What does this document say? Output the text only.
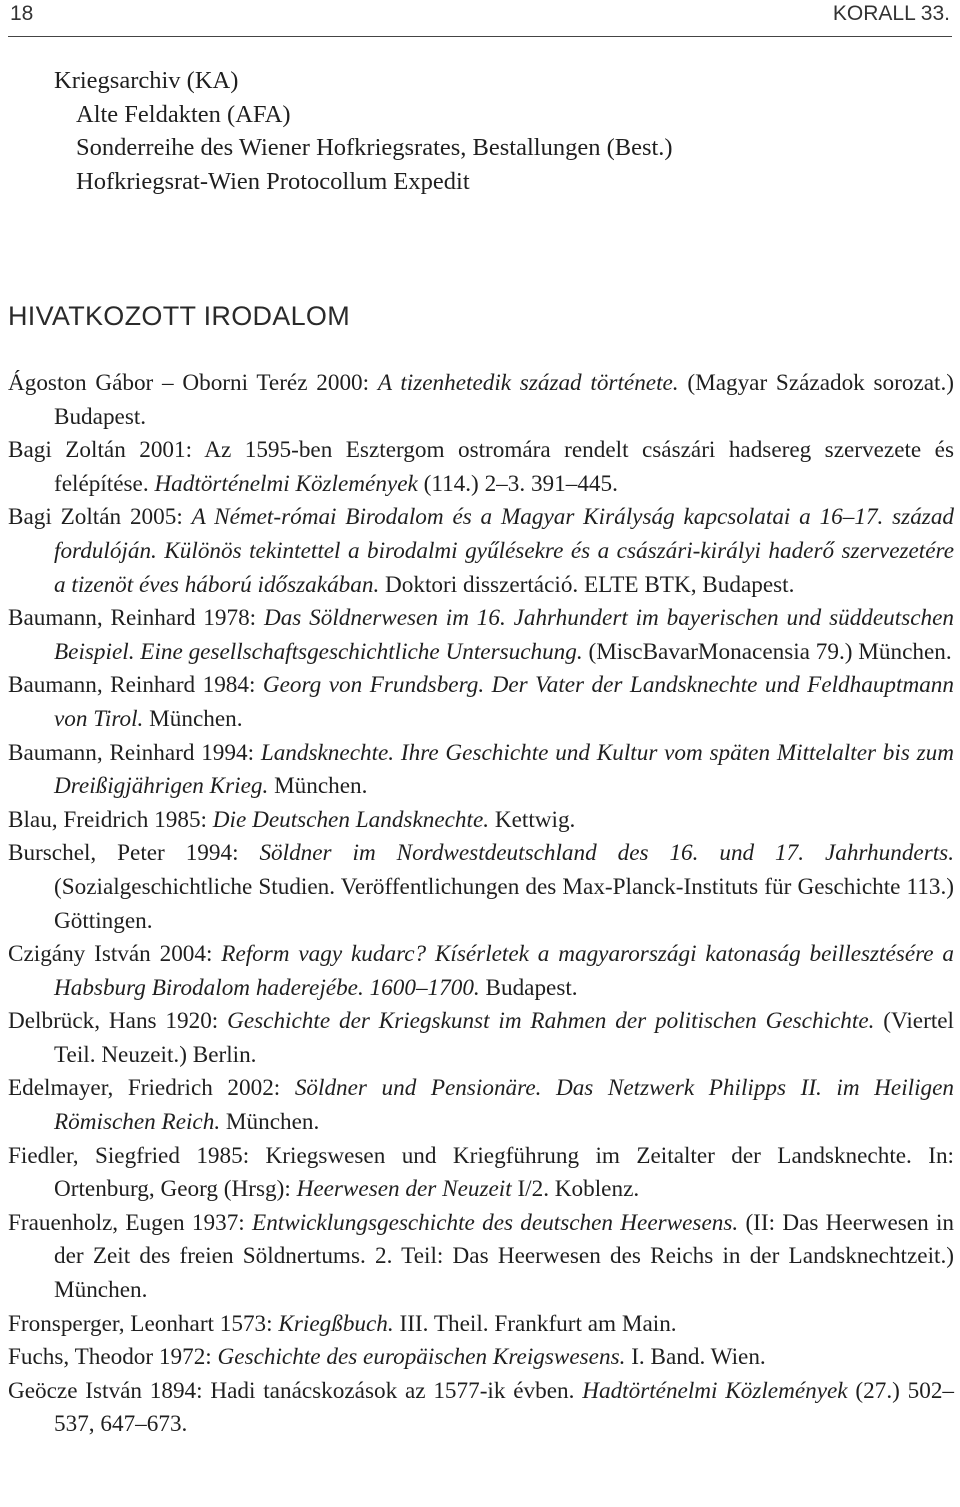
18	KORALL 33.
Kriegsarchiv (KA)
Alte Feldakten (AFA)
Sonderreihe des Wiener Hofkriegsrates, Bestallungen (Best.)
Hofkriegsrat-Wien Protocollum Expedit
HIVATKOZOTT IRODALOM

Ágoston Gábor – Oborni Teréz 2000: A tizenhetedik század története. (Magyar Századok sorozat.) Budapest.

Bagi Zoltán 2001: Az 1595-ben Esztergom ostromára rendelt császári hadsereg szervezete és felépítése. Hadtörténelmi Közlemények (114.) 2–3. 391–445.

Bagi Zoltán 2005: A Német-római Birodalom és a Magyar Királyság kapcsolatai a 16–17. század fordulóján. Különös tekintettel a birodalmi gyűlésekre és a császári-királyi haderő szervezetére a tizenöt éves háború időszakában. Doktori disszertáció. ELTE BTK, Budapest.

Baumann, Reinhard 1978: Das Söldnerwesen im 16. Jahrhundert im bayerischen und süddeutschen Beispiel. Eine gesellschaftsgeschichtliche Untersuchung. (MiscBavarMonacensia 79.) München.

Baumann, Reinhard 1984: Georg von Frundsberg. Der Vater der Landsknechte und Feldhauptmann von Tirol. München.

Baumann, Reinhard 1994: Landsknechte. Ihre Geschichte und Kultur vom späten Mittelalter bis zum Dreißigjährigen Krieg. München.

Blau, Freidrich 1985: Die Deutschen Landsknechte. Kettwig.

Burschel, Peter 1994: Söldner im Nordwestdeutschland des 16. und 17. Jahrhunderts. (Sozialgeschichtliche Studien. Veröffentlichungen des Max-Planck-Instituts für Geschichte 113.) Göttingen.

Czigány István 2004: Reform vagy kudarc? Kísérletek a magyarországi katonaság beillesztésére a Habsburg Birodalom haderejébe. 1600–1700. Budapest.

Delbrück, Hans 1920: Geschichte der Kriegskunst im Rahmen der politischen Geschichte. (Viertel Teil. Neuzeit.) Berlin.

Edelmayer, Friedrich 2002: Söldner und Pensionäre. Das Netzwerk Philipps II. im Heiligen Römischen Reich. München.

Fiedler, Siegfried 1985: Kriegswesen und Kriegführung im Zeitalter der Landsknechte. In: Ortenburg, Georg (Hrsg): Heerwesen der Neuzeit I/2. Koblenz.

Frauenholz, Eugen 1937: Entwicklungsgeschichte des deutschen Heerwesens. (II: Das Heerwesen in der Zeit des freien Söldnertums. 2. Teil: Das Heerwesen des Reichs in der Landsknechtzeit.) München.

Fronsperger, Leonhart 1573: Kriegßbuch. III. Theil. Frankfurt am Main.

Fuchs, Theodor 1972: Geschichte des europäischen Kreigswesens. I. Band. Wien.

Geöcze István 1894: Hadi tanácskozások az 1577-ik évben. Hadtörténelmi Közlemények (27.) 502–537, 647–673.
